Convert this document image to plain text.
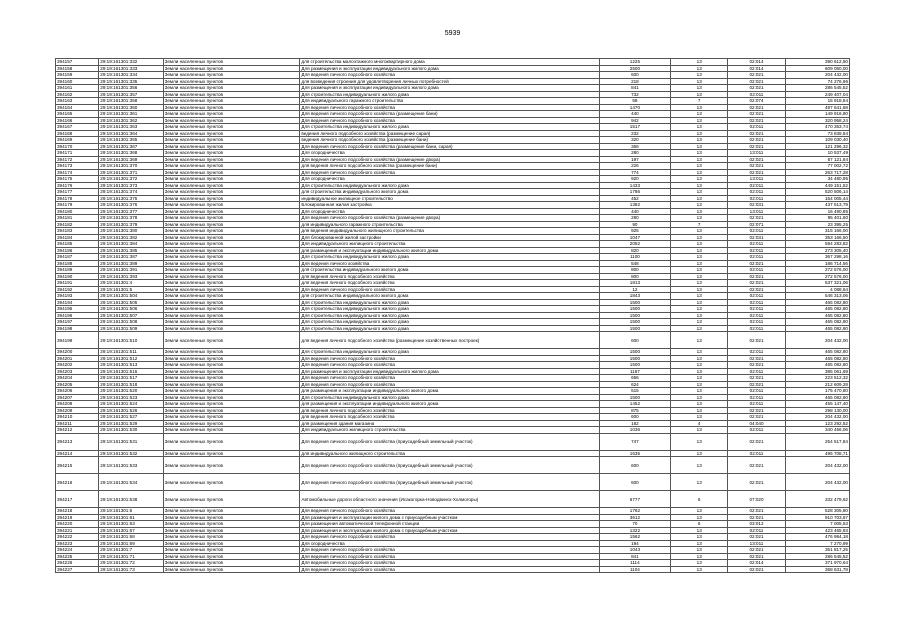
5939
394157	29:19:161301:332	Земли населенных пунктов	для строительства малоэтажного многоквартирного дома	1225	13	02:014	390 612,50
394158	29:19:161301:333	Земли населенных пунктов	Для размещения и эксплуатации индивидуального жилого дома	2500	13	02:014	609 050,00
394159	29:19:161301:334	Земли населенных пунктов	Для ведения личного подсобного хозяйства	600	13	02:021	204 432,00
394160	29:19:161301:335	Земли населенных пунктов	для возведения строения для удовлетворения личных потребностей	218	13	02:021	74 276,96
394161	29:19:161301:356	Земли населенных пунктов	Для размещения и эксплуатации индивидуального жилого дома	841	13	02:021	286 545,52
394162	29:19:161301:357	Земли населенных пунктов	Для строительства индивидуального жилого дома	732	13	02:011	249 407,04
394163	29:19:161301:358	Земли населенных пунктов	Для индивидуального гаражного строительства	58	7	02:074	15 918,84
394164	29:19:161301:360	Земли населенных пунктов	Для ведения личного подсобного хозяйства	1470	13	02:021	497 641,68
394165	29:19:161301:361	Земли населенных пунктов	Для ведения личного подсобного хозяйства (размещение бани)	440	13	02:021	149 916,80
394166	29:19:161301:362	Земли населенных пунктов	Для ведения личного подсобного хозяйства	942	13	02:021	320 958,24
394167	29:19:161301:363	Земли населенных пунктов	Для строительства индивидуального жилого дома	1517	13	02:011	470 353,74
394168	29:19:161301:364	Земли населенных пунктов	ведения личного подсобного хозяйства (размещение сарая)	232	13	02:021	73 839,84
394169	29:19:161301:365	Земли населенных пунктов	ведения личного подсобного хозяйства (размещение бани)	320	13	02:021	109 030,40
394170	29:19:161301:367	Земли населенных пунктов	Для ведения личного подсобного хозяйства (размещение бани, сарая)	356	13	02:021	121 296,32
394171	29:19:161301:368	Земли населенных пунктов	Для огородничества	280	13	13:011	10 537,49
394172	29:19:161301:369	Земли населенных пунктов	Для ведения личного подсобного хозяйства (размещение двора)	197	13	02:021	67 121,84
394173	29:19:161301:370	Земли населенных пунктов	для ведения личного подсобного хозяйства (размещение бани)	226	13	02:021	77 002,72
394174	29:19:161301:371	Земли населенных пунктов	Для ведения личного подсобного хозяйства	774	13	02:021	263 717,28
394175	29:19:161301:372	Земли населенных пунктов	Для огородничества	920	13	13:011	34 480,95
394176	29:19:161301:373	Земли населенных пунктов	Для строительства индивидуального жилого дома	1433	13	02:011	449 151,52
394177	29:19:161301:374	Земли населенных пунктов	для строительства индивидуального жилого дома	1786	13	02:011	520 506,14
394178	29:19:161301:375	Земли населенных пунктов	индивидуальное жилищное строительство	452	13	02:011	154 005,44
394179	29:19:161301:376	Земли населенных пунктов	Блокированная жилая застройка	1382	13	02:031	437 513,79
394180	29:19:161301:377	Земли населенных пунктов	Для огородничества	440	13	13:011	16 490,85
394181	29:19:161301:378	Земли населенных пунктов	Для ведения личного подсобного хозяйства (размещение двора)	280	13	02:021	95 401,60
394182	29:19:161301:379	Земли населенных пунктов	для индивидуального гаражного строительства	90	7	02:071	23 395,25
394183	29:19:161301:380	Земли населенных пунктов	для ведения индивидуального жилищного строительства	925	13	02:011	315 166,00
394184	29:19:161301:382	Земли населенных пунктов	Для блокированной жилой застройки	1047	13	02:031	353 166,50
394185	29:19:161301:384	Земли населенных пунктов	Для индивидуального жилищного строительства	2052	13	02:011	594 283,82
394186	29:19:161301:385	Земли населенных пунктов	для размещения и эксплуатации индивидуального жилого дома	820	13	02:011	273 305,40
394187	29:19:161301:387	Земли населенных пунктов	Для строительства индивидуального жилого дома	1100	13	02:011	367 298,16
394188	29:19:161301:389	Земли населенных пунктов	Для ведения личного хозяйства	548	13	02:021	186 714,56
394189	29:19:161301:391	Земли населенных пунктов	для строительства индивидуального жилого дома	800	13	02:011	272 576,00
394190	29:19:161301:393	Земли населенных пунктов	для ведения личного подсобного хозяйства	800	13	02:021	272 576,00
394191	29:19:161301:4	Земли населенных пунктов	для ведения личного подсобного хозяйства	1813	13	02:021	537 321,06
394192	29:19:161301:5	Земли населенных пунктов	Для ведения личного подсобного хозяйства	12	13	02:021	4 088,64
394193	29:19:161301:504	Земли населенных пунктов	для строительства индивидуального жилого дома	1843	13	02:011	546 313,06
394194	29:19:161301:505	Земли населенных пунктов	Для строительства индивидуального жилого дома	1500	13	02:011	465 082,80
394195	29:19:161301:506	Земли населенных пунктов	Для строительства индивидуального жилого дома	1500	13	02:011	465 082,80
394196	29:19:161301:507	Земли населенных пунктов	Для строительства индивидуального жилого дома	1500	13	02:011	465 082,80
394197	29:19:161301:508	Земли населенных пунктов	Для строительства индивидуального жилого дома	1500	13	02:011	465 082,80
394198	29:19:161301:509	Земли населенных пунктов	Для строительства индивидуального жилого дома	1500	13	02:011	465 082,80
394199	29:19:161301:510	Земли населенных пунктов	для ведения личного подсобного хозяйства (размещение хозяйственных построек)	600	13	02:021	204 432,00
394200	29:19:161301:511	Земли населенных пунктов	Для строительства индивидуального жилого дома	1500	13	02:011	465 082,80
394201	29:19:161301:512	Земли населенных пунктов	Для ведения личного подсобного хозяйства	1500	13	02:021	465 082,80
394202	29:19:161301:513	Земли населенных пунктов	Для ведения личного подсобного хозяйства	1500	13	02:021	465 082,80
394203	29:19:161301:515	Земли населенных пунктов	Для размещения и эксплуатации индивидуального жилого дома	1167	13	02:011	385 061,69
394204	29:19:161301:517	Земли населенных пунктов	Для ведения личного подсобного хозяйства	656	13	02:021	223 512,32
394205	29:19:161301:518	Земли населенных пунктов	Для ведения личного подсобного хозяйства	624	13	02:021	212 609,28
394206	29:19:161301:520	Земли населенных пунктов	для размещения и эксплуатации индивидуального жилого дома	515	13	02:011	175 470,80
394207	29:19:161301:523	Земли населенных пунктов	Для строительства индивидуального жилого дома	1500	13	02:011	465 082,80
394208	29:19:161301:524	Земли населенных пунктов	для размещения и эксплуатации индивидуального жилого дома	1452	13	02:011	455 147,40
394209	29:19:161301:526	Земли населенных пунктов	для ведения личного подсобного хозяйства	875	13	02:021	298 130,00
394210	29:19:161301:527	Земли населенных пунктов	для ведения личного подсобного хозяйства	600	13	02:021	204 432,00
394211	29:19:161301:529	Земли населенных пунктов	для размещения здания магазина	182	4	04:040	123 292,52
394212	29:19:161301:530	Земли населенных пунктов	Для индивидуального жилищного строительства	1036	13	02:011	340 456,06
394213	29:19:161301:531	Земли населенных пунктов	Для ведения личного подсобного хозяйства (приусадебный земельный участок)	747	13	02:021	254 517,84
394214	29:19:161301:532	Земли населенных пунктов	для индивидуального жилищного строительства	1635	13	02:011	495 708,71
394215	29:19:161301:533	Земли населенных пунктов	Для ведения личного подсобного хозяйства (приусадебный земельный участок)	600	13	02:021	204 432,00
394216	29:19:161301:534	Земли населенных пунктов	Для ведения личного подсобного хозяйства (приусадебный земельный участок)	600	13	02:021	204 432,00
394217	29:19:161301:538	Земли населенных пунктов	Автомобильные дороги областного значения (Исакогорка-Новодвинск-Холмогоры)	6777	6	07:020	332 479,62
394218	29:19:161301:6	Земли населенных пунктов	Для ведения личного подсобного хозяйства	1762	13	02:021	528 305,80
394219	29:19:161301:61	Земли населенных пунктов	Для размещения и эксплуатации жилого дома с приусадебным участком	3612	13	02:021	910 703,67
394220	29:19:161301:63	Земли населенных пунктов	Для размещения автоматической телефонной станции	70	6	03:012	7 005,53
394221	29:19:161301:67	Земли населенных пунктов	Для размещения и эксплуатации жилого дома с приусадебным участком	1322	13	02:011	423 465,93
394222	29:19:161301:68	Земли населенных пунктов	Для ведения личного подсобного хозяйства	1562	13	02:021	476 984,18
394223	29:19:161301:69	Земли населенных пунктов	Для огородничества	194	13	13:011	7 270,99
394224	29:19:161301:7	Земли населенных пунктов	Для ведения личного подсобного хозяйства	1043	13	02:021	351 817,25
394225	29:19:161301:71	Земли населенных пунктов	Для ведения личного подсобного хозяйства	841	13	02:021	286 545,52
394226	29:19:161301:72	Земли населенных пунктов	Для ведения личного подсобного хозяйства	1114	13	02:014	371 970,64
394227	29:19:161301:73	Земли населенных пунктов	Для ведения личного подсобного хозяйства	1104	13	02:021	368 631,78
